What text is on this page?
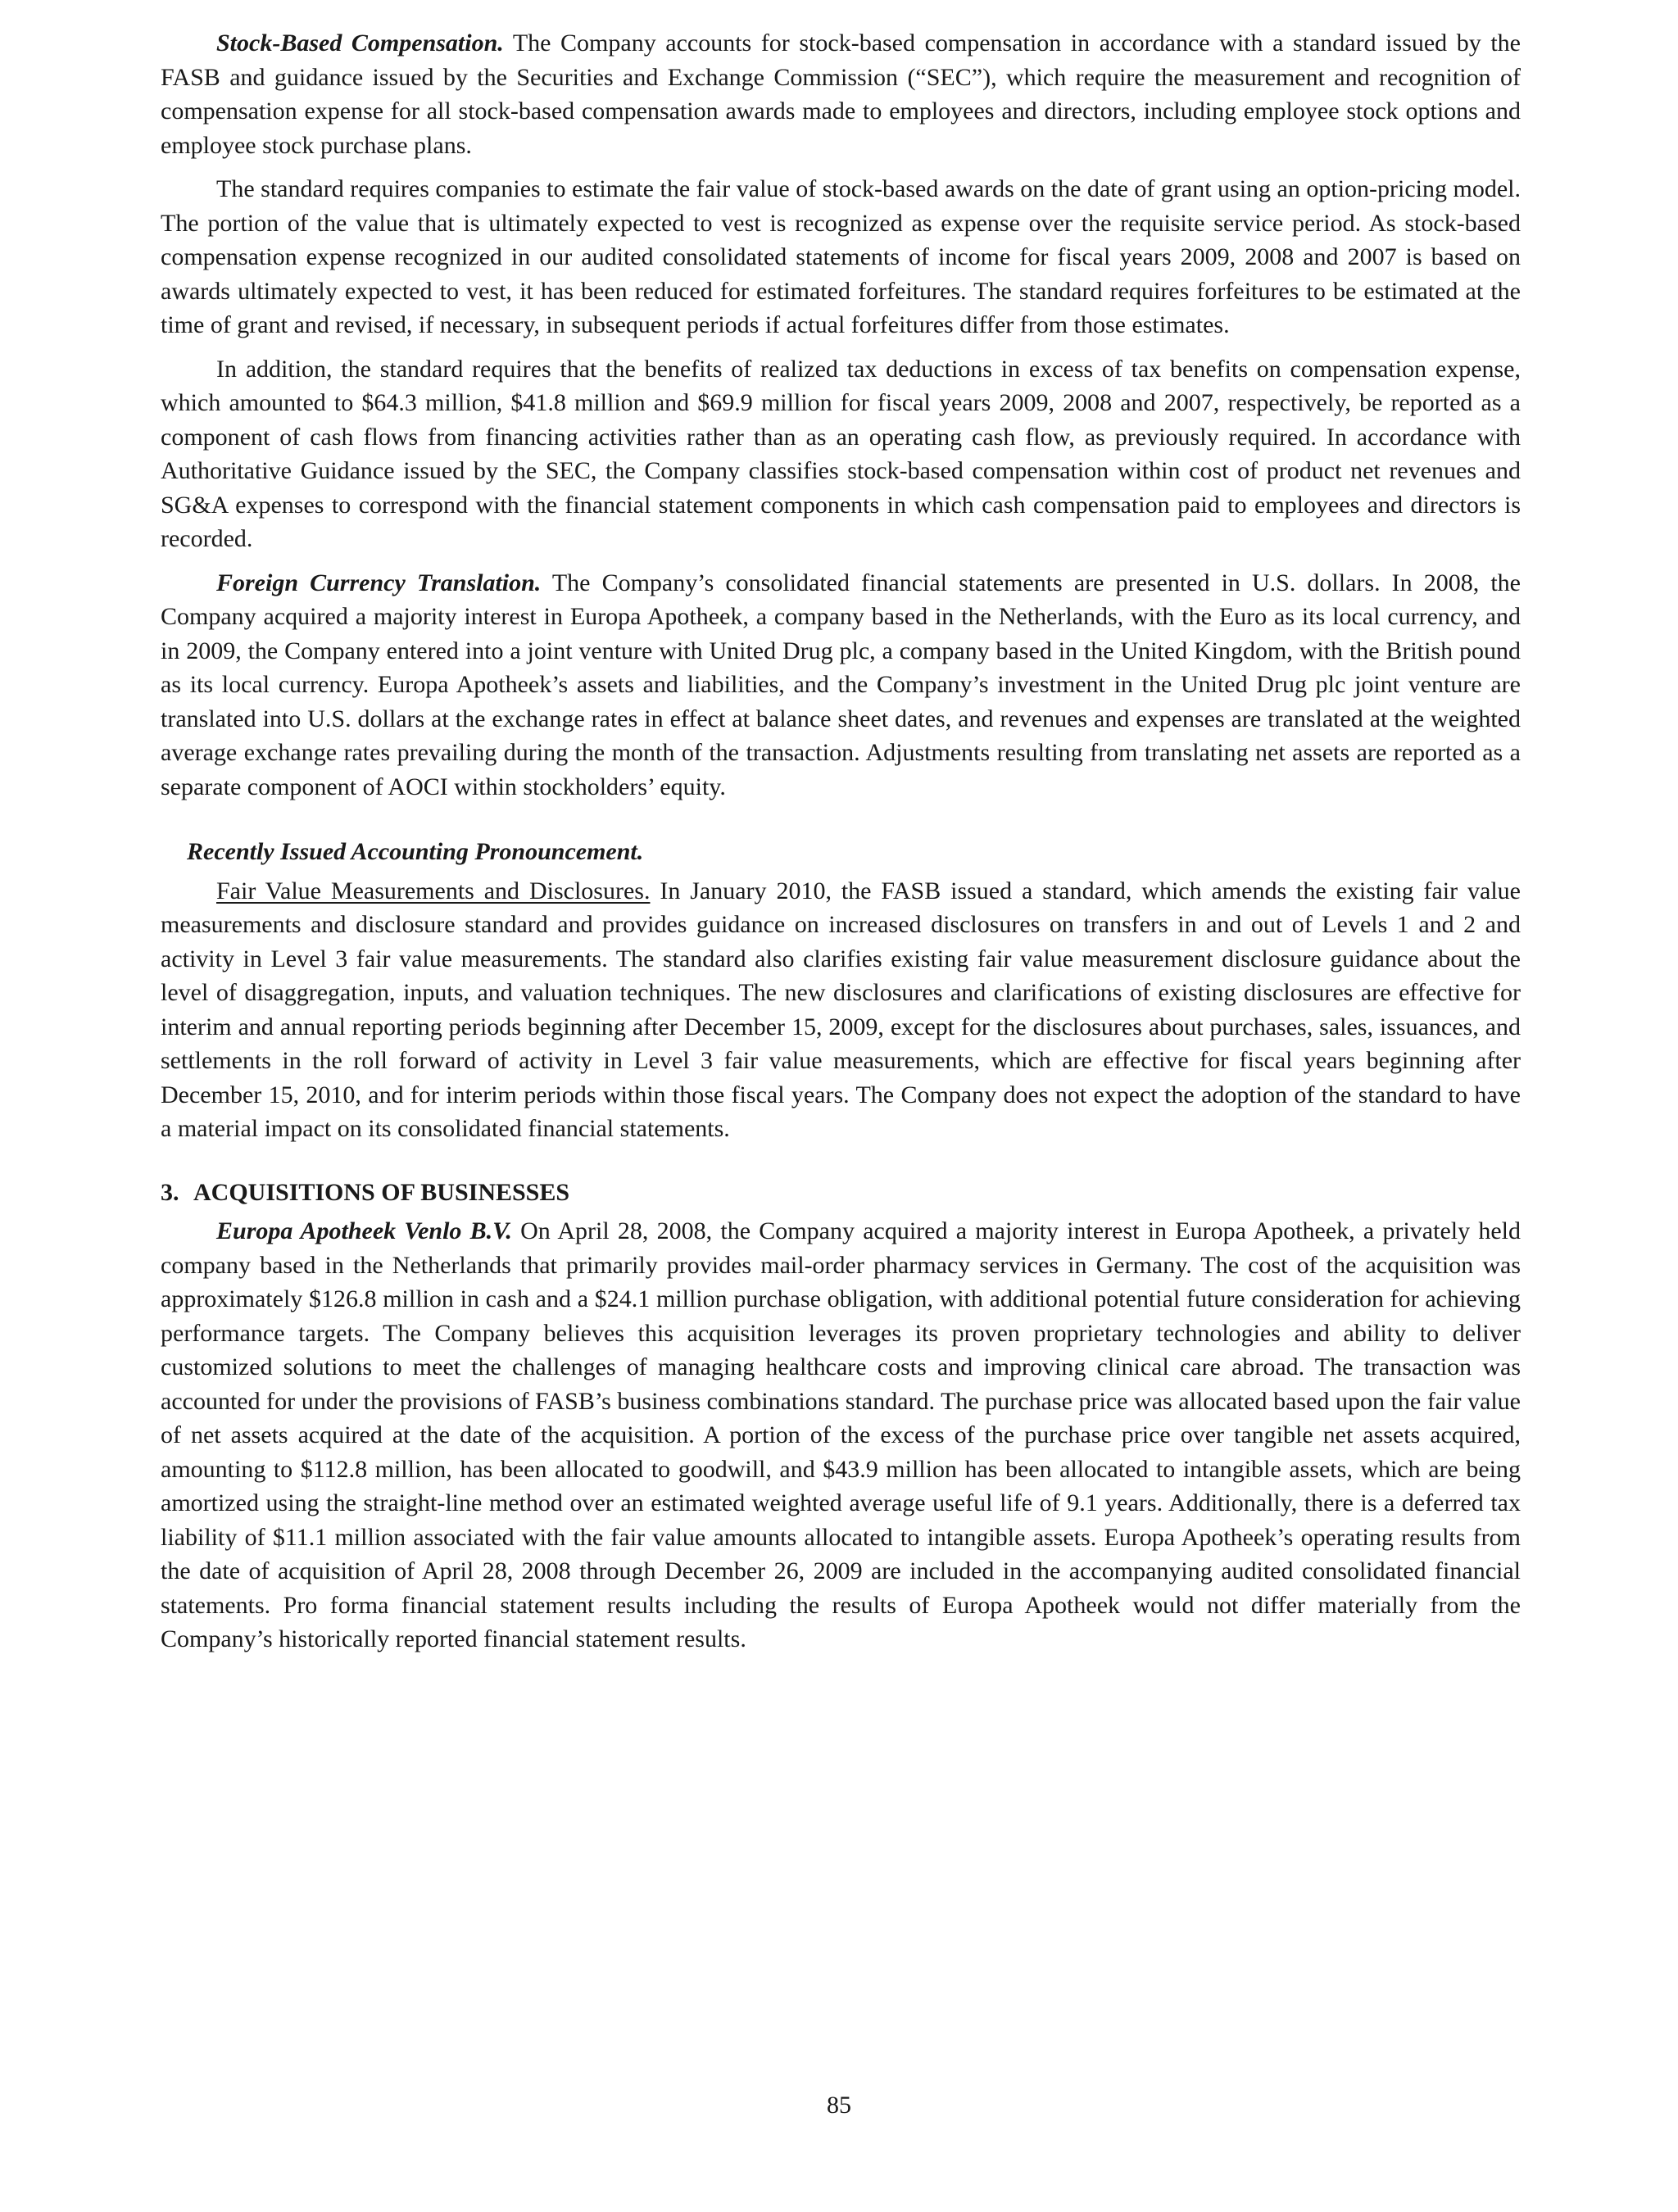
Stock-Based Compensation. The Company accounts for stock-based compensation in accordance with a standard issued by the FASB and guidance issued by the Securities and Exchange Commission (“SEC”), which require the measurement and recognition of compensation expense for all stock-based compensation awards made to employees and directors, including employee stock options and employee stock purchase plans.

The standard requires companies to estimate the fair value of stock-based awards on the date of grant using an option-pricing model. The portion of the value that is ultimately expected to vest is recognized as expense over the requisite service period. As stock-based compensation expense recognized in our audited consolidated statements of income for fiscal years 2009, 2008 and 2007 is based on awards ultimately expected to vest, it has been reduced for estimated forfeitures. The standard requires forfeitures to be estimated at the time of grant and revised, if necessary, in subsequent periods if actual forfeitures differ from those estimates.

In addition, the standard requires that the benefits of realized tax deductions in excess of tax benefits on compensation expense, which amounted to $64.3 million, $41.8 million and $69.9 million for fiscal years 2009, 2008 and 2007, respectively, be reported as a component of cash flows from financing activities rather than as an operating cash flow, as previously required. In accordance with Authoritative Guidance issued by the SEC, the Company classifies stock-based compensation within cost of product net revenues and SG&A expenses to correspond with the financial statement components in which cash compensation paid to employees and directors is recorded.

Foreign Currency Translation. The Company’s consolidated financial statements are presented in U.S. dollars. In 2008, the Company acquired a majority interest in Europa Apotheek, a company based in the Netherlands, with the Euro as its local currency, and in 2009, the Company entered into a joint venture with United Drug plc, a company based in the United Kingdom, with the British pound as its local currency. Europa Apotheek’s assets and liabilities, and the Company’s investment in the United Drug plc joint venture are translated into U.S. dollars at the exchange rates in effect at balance sheet dates, and revenues and expenses are translated at the weighted average exchange rates prevailing during the month of the transaction. Adjustments resulting from translating net assets are reported as a separate component of AOCI within stockholders’ equity.

Recently Issued Accounting Pronouncement.

Fair Value Measurements and Disclosures. In January 2010, the FASB issued a standard, which amends the existing fair value measurements and disclosure standard and provides guidance on increased disclosures on transfers in and out of Levels 1 and 2 and activity in Level 3 fair value measurements. The standard also clarifies existing fair value measurement disclosure guidance about the level of disaggregation, inputs, and valuation techniques. The new disclosures and clarifications of existing disclosures are effective for interim and annual reporting periods beginning after December 15, 2009, except for the disclosures about purchases, sales, issuances, and settlements in the roll forward of activity in Level 3 fair value measurements, which are effective for fiscal years beginning after December 15, 2010, and for interim periods within those fiscal years. The Company does not expect the adoption of the standard to have a material impact on its consolidated financial statements.

3. ACQUISITIONS OF BUSINESSES

Europa Apotheek Venlo B.V. On April 28, 2008, the Company acquired a majority interest in Europa Apotheek, a privately held company based in the Netherlands that primarily provides mail-order pharmacy services in Germany. The cost of the acquisition was approximately $126.8 million in cash and a $24.1 million purchase obligation, with additional potential future consideration for achieving performance targets. The Company believes this acquisition leverages its proven proprietary technologies and ability to deliver customized solutions to meet the challenges of managing healthcare costs and improving clinical care abroad. The transaction was accounted for under the provisions of FASB’s business combinations standard. The purchase price was allocated based upon the fair value of net assets acquired at the date of the acquisition. A portion of the excess of the purchase price over tangible net assets acquired, amounting to $112.8 million, has been allocated to goodwill, and $43.9 million has been allocated to intangible assets, which are being amortized using the straight-line method over an estimated weighted average useful life of 9.1 years. Additionally, there is a deferred tax liability of $11.1 million associated with the fair value amounts allocated to intangible assets. Europa Apotheek’s operating results from the date of acquisition of April 28, 2008 through December 26, 2009 are included in the accompanying audited consolidated financial statements. Pro forma financial statement results including the results of Europa Apotheek would not differ materially from the Company’s historically reported financial statement results.

85
